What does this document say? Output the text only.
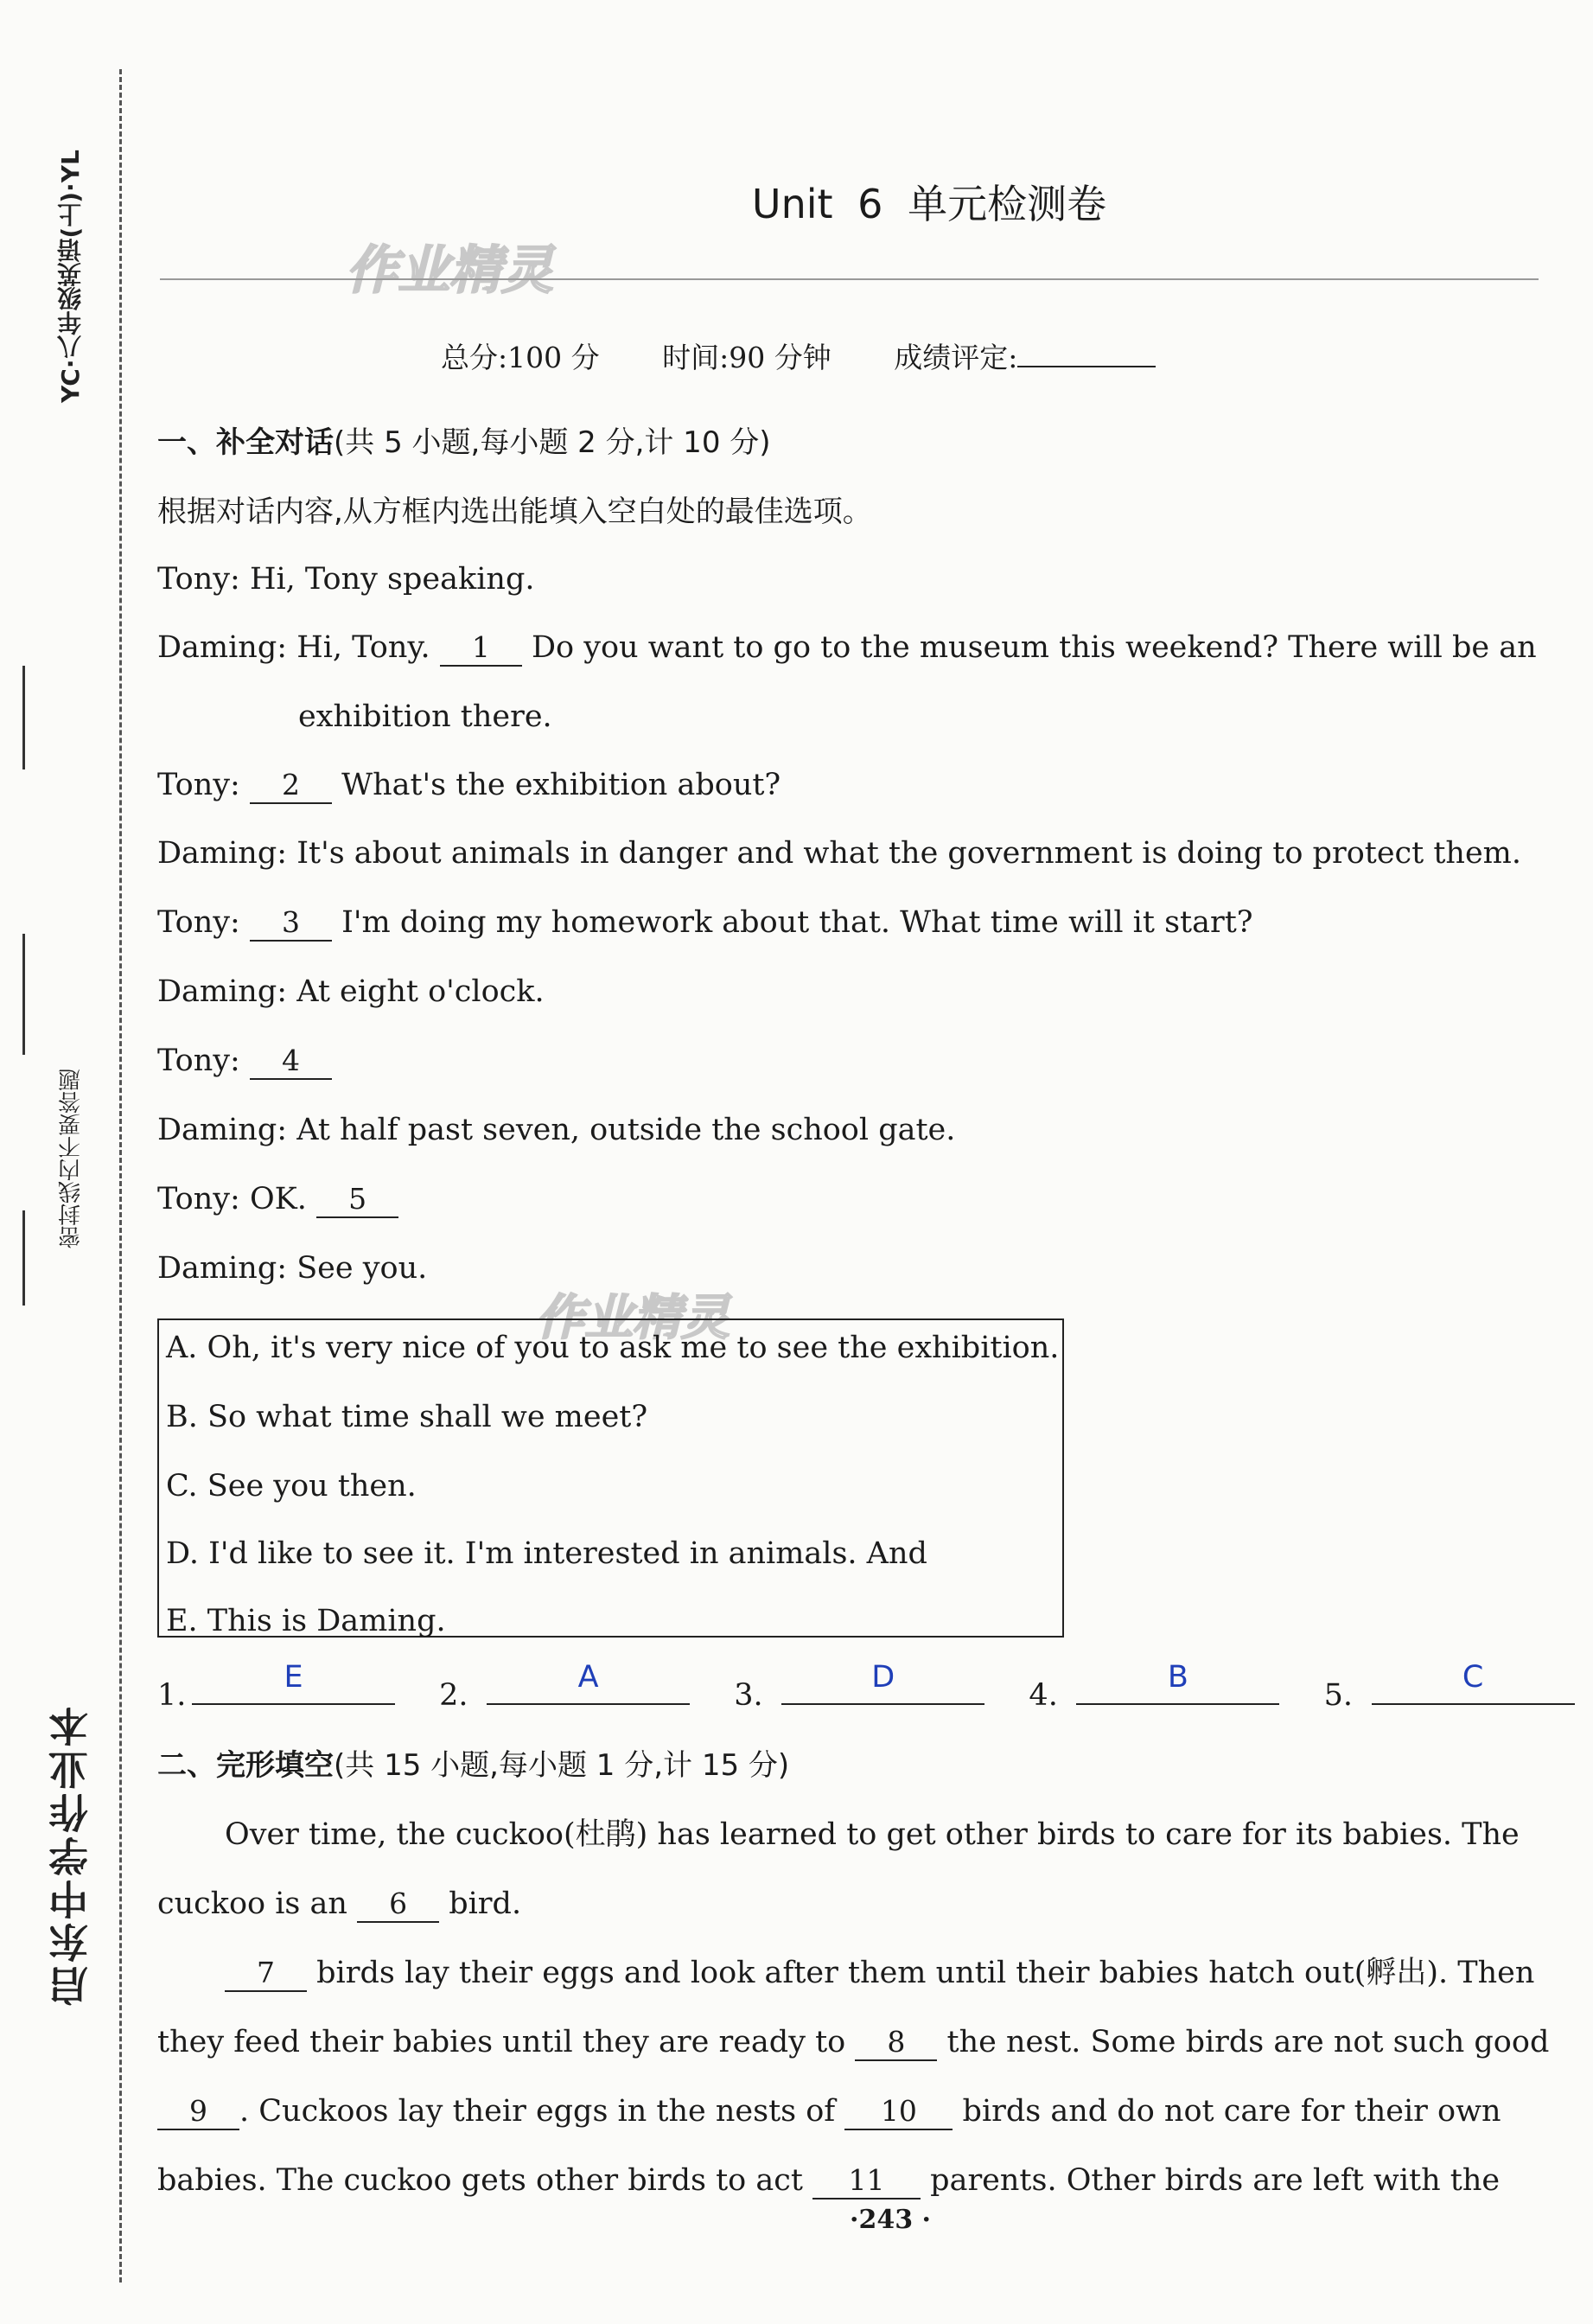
YC·八年级英语(上)·YL
密封线内不要答题
启东中学作业本
Unit 6 单元检测卷
作业精灵
总分:100 分 时间:90 分钟 成绩评定:
一、补全对话(共 5 小题,每小题 2 分,计 10 分)
根据对话内容,从方框内选出能填入空白处的最佳选项。
Tony: Hi, Tony speaking.
Daming: Hi, Tony. 1 Do you want to go to the museum this weekend? There will be an
exhibition there.
Tony: 2 What's the exhibition about?
Daming: It's about animals in danger and what the government is doing to protect them.
Tony: 3 I'm doing my homework about that. What time will it start?
Daming: At eight o'clock.
Tony: 4
Daming: At half past seven, outside the school gate.
Tony: OK. 5
Daming: See you.
作业精灵
A. Oh, it's very nice of you to ask me to see the exhibition.
B. So what time shall we meet?
C. See you then.
D. I'd like to see it. I'm interested in animals. And
E. This is Daming.
1.
E
2.
A
3.
D
4.
B
5.
C
二、完形填空(共 15 小题,每小题 1 分,计 15 分)
Over time, the cuckoo(杜鹃) has learned to get other birds to care for its babies. The
cuckoo is an 6 bird.
7 birds lay their eggs and look after them until their babies hatch out(孵出). Then
they feed their babies until they are ready to 8 the nest. Some birds are not such good
9 . Cuckoos lay their eggs in the nests of 10 birds and do not care for their own
babies. The cuckoo gets other birds to act 11 parents. Other birds are left with the
·243 ·
